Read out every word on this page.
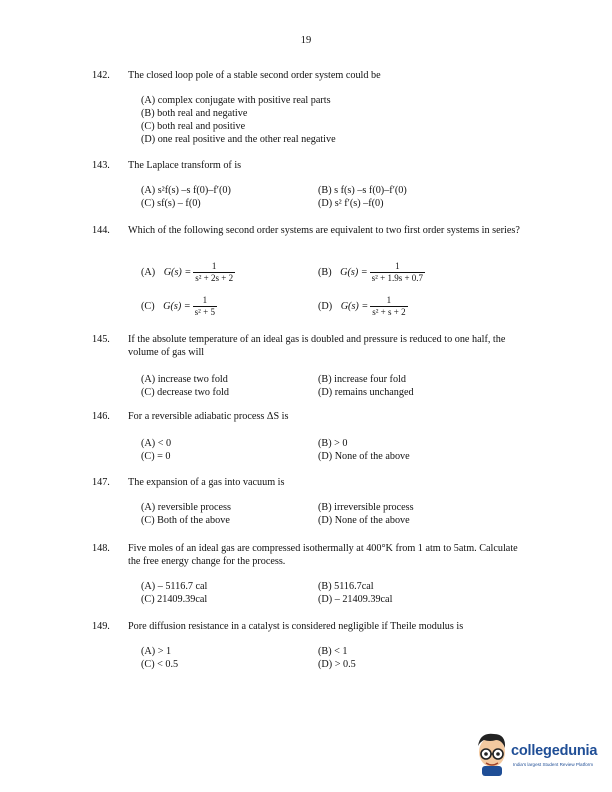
19
142. The closed loop pole of a stable second order system could be
(A) complex conjugate with positive real parts
(B) both real and negative
(C) both real and positive
(D) one real positive and the other real negative
143. The Laplace transform of is
(A) s²f(s) –s f(0)–f′(0)	(B) s f(s) –s f(0)–f′(0)
(C) sf(s) – f(0)	(D) s² f′(s) –f(0)
144. Which of the following second order systems are equivalent to two first order systems in series?
(A) $G(s) = \frac{1}{\text{s² + 2s + 2}}$	(B) $G(s) = \frac{1}{\text{s² + 1.9s + 0.7}}$
(C) $G(s) = \frac{1}{\text{s² + 5}}$	(D) $G(s) = \frac{1}{\text{s² + s + 2}}$
145. If the absolute temperature of an ideal gas is doubled and pressure is reduced to one half, the volume of gas will
(A) increase two fold	(B) increase four fold
(C) decrease two fold	(D) remains unchanged
146. For a reversible adiabatic process ΔS is
(A) < 0	(B) > 0
(C) = 0	(D) None of the above
147. The expansion of a gas into vacuum is
(A) reversible process	(B) irreversible process
(C) Both of the above	(D) None of the above
148. Five moles of an ideal gas are compressed isothermally at 400°K from 1 atm to 5atm. Calculate the free energy change for the process.
(A) – 5116.7 cal	(B) 5116.7cal
(C) 21409.39cal	(D) – 21409.39cal
149. Pore diffusion resistance in a catalyst is considered negligible if Theile modulus is
(A) > 1	(B) < 1
(C) < 0.5	(D) > 0.5
collegedunia
India's largest Student Review Platform
